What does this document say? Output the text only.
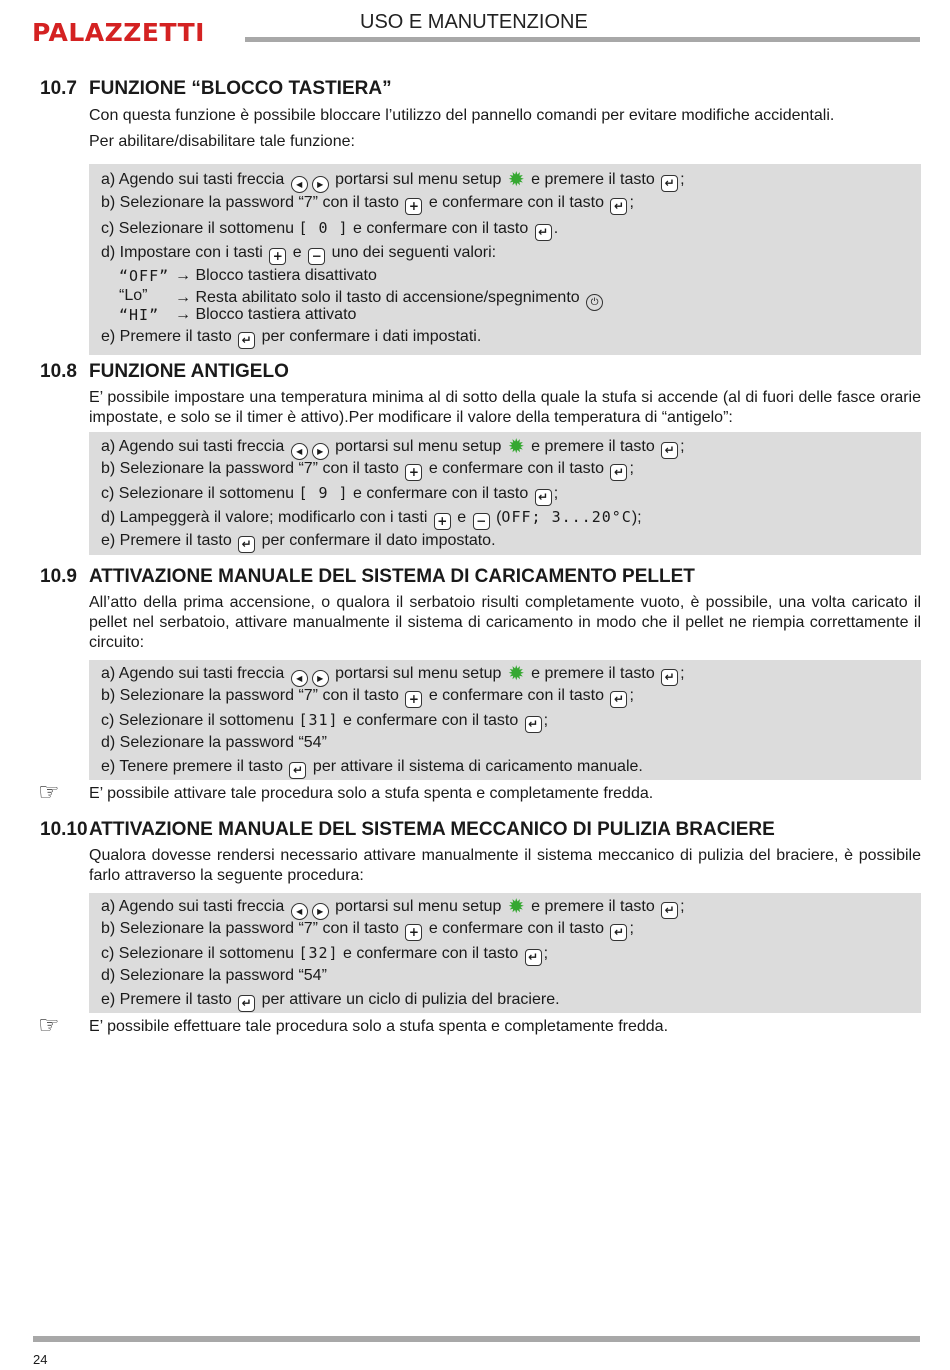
PALAZZETTI	USO E MANUTENZIONE
10.7 FUNZIONE “BLOCCO TASTIERA”
Con questa funzione è possibile bloccare l’utilizzo del pannello comandi per evitare modifiche accidentali.
Per abilitare/disabilitare tale funzione:
a) Agendo sui tasti freccia ◀ ▶ portarsi sul menu setup ✹ e premere il tasto ↵ ;
b) Selezionare la password “7” con il tasto + e confermare con il tasto ↵ ;
c) Selezionare il sottomenu [ 0 ] e confermare con il tasto ↵ .
d) Impostare con i tasti + e − uno dei seguenti valori:
“OFF” → Blocco tastiera disattivato
“Lo” → Resta abilitato solo il tasto di accensione/spegnimento ⏻
“HI” → Blocco tastiera attivato
e) Premere il tasto ↵ per confermare i dati impostati.
10.8 FUNZIONE ANTIGELO
E’ possibile impostare una temperatura minima al di sotto della quale la stufa si accende (al di fuori delle fasce orarie impostate, e solo se il timer è attivo).Per modificare il valore della temperatura di “antigelo”:
a) Agendo sui tasti freccia ◀ ▶ portarsi sul menu setup ✹ e premere il tasto ↵ ;
b) Selezionare la password “7” con il tasto + e confermare con il tasto ↵ ;
c) Selezionare il sottomenu [ 9 ] e confermare con il tasto ↵ ;
d) Lampeggerà il valore; modificarlo con i tasti + e − (OFF; 3...20°C);
e) Premere il tasto ↵ per confermare il dato impostato.
10.9 ATTIVAZIONE MANUALE DEL SISTEMA DI CARICAMENTO PELLET
All’atto della prima accensione, o qualora il serbatoio risulti completamente vuoto, è possibile, una volta caricato il pellet nel serbatoio, attivare manualmente il sistema di caricamento in modo che il pellet ne riempia correttamente il circuito:
a) Agendo sui tasti freccia ◀ ▶ portarsi sul menu setup ✹ e premere il tasto ↵ ;
b) Selezionare la password “7” con il tasto + e confermare con il tasto ↵ ;
c) Selezionare il sottomenu [31] e confermare con il tasto ↵ ;
d) Selezionare la password “54”
e) Tenere premere il tasto ↵ per attivare il sistema di caricamento manuale.
☞ E’ possibile attivare tale procedura solo a stufa spenta e completamente fredda.
10.10ATTIVAZIONE MANUALE DEL SISTEMA MECCANICO DI PULIZIA BRACIERE
Qualora dovesse rendersi necessario attivare manualmente il sistema meccanico di pulizia del braciere, è possibile farlo attraverso la seguente procedura:
a) Agendo sui tasti freccia ◀ ▶ portarsi sul menu setup ✹ e premere il tasto ↵ ;
b) Selezionare la password “7” con il tasto + e confermare con il tasto ↵ ;
c) Selezionare il sottomenu [32] e confermare con il tasto ↵ ;
d) Selezionare la password “54”
e) Premere il tasto ↵ per attivare un ciclo di pulizia del braciere.
☞ E’ possibile effettuare tale procedura solo a stufa spenta e completamente fredda.
24
